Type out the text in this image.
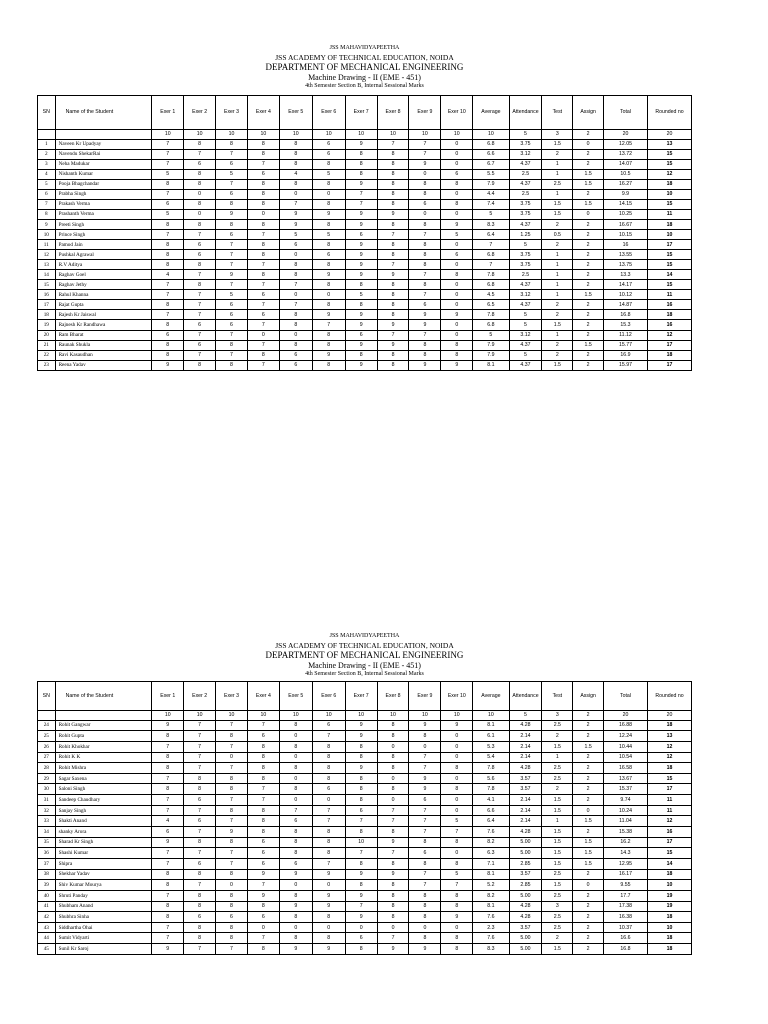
JSS MAHAVIDYAPEETHA
JSS ACADEMY OF TECHNICAL EDUCATION, NOIDA
DEPARTMENT OF MECHANICAL ENGINEERING
Machine Drawing - II (EME - 451)
4th Semester Section B, Internal Sessional Marks
SN	Name of the Student	Exer 1	Exer 2	Exer 3	Exer 4	Exer 5	Exer 6	Exer 7	Exer 8	Exer 9	Exer 10	Average	Attendance	Test	Assign	Total	Rounded no
		10	10	10	10	10	10	10	10	10	10	10	5	3	2	20	20
1	Naveen Kr Upadyay	7	8	8	8	8	6	9	7	7	0	6.8	3.75	1.5	0	12.05	13
2	Navendu ShekarRai	7	7	7	8	8	6	8	8	7	0	6.6	3.12	2	2	13.72	15
3	Neha Madukar	7	6	6	7	8	8	8	8	9	0	6.7	4.37	1	2	14.07	15
4	Nishanth Kumar	5	8	5	6	4	5	8	8	0	6	5.5	2.5	1	1.5	10.5	12
5	Pooja Bhagchandar	8	8	7	8	8	8	9	8	8	8	7.9	4.37	2.5	1.5	16.27	18
6	Prabha Singh	7	0	6	8	0	0	7	8	8	0	4.4	2.5	1	2	9.9	10
7	Prakash Verma	6	8	8	8	7	8	7	8	6	8	7.4	3.75	1.5	1.5	14.15	15
8	Prashanth Verma	5	0	9	0	9	9	9	9	0	0	5	3.75	1.5	0	10.25	11
9	Preeti Singh	8	8	8	8	9	8	9	8	8	9	8.3	4.37	2	2	16.67	18
10	Prince Singh	7	7	6	7	5	5	6	7	7	5	6.4	1.25	0.5	2	10.15	10
11	Pamod Jain	8	6	7	8	6	8	9	8	8	0	7	5	2	2	16	17
12	Pushkal Agrawal	8	6	7	8	0	6	9	8	8	6	6.8	3.75	1	2	13.55	15
13	R.V Aditya	8	8	7	7	8	8	9	7	8	0	7	3.75	1	2	13.75	15
14	Raghav Goel	4	7	9	8	8	9	9	9	7	8	7.8	2.5	1	2	13.3	14
15	Raghav Jethy	7	8	7	7	7	8	8	8	8	0	6.8	4.37	1	2	14.17	15
16	Rahul Khanna	7	7	5	6	0	0	5	8	7	0	4.5	3.12	1	1.5	10.12	11
17	Rajat Gupta	8	7	6	7	7	8	8	8	6	0	6.5	4.37	2	2	14.87	16
18	Rajesh Kr Jaiswal	7	7	6	6	8	9	9	8	9	9	7.8	5	2	2	16.8	18
19	Rajnesh Kr Randhawa	8	6	6	7	8	7	9	9	9	0	6.8	5	1.5	2	15.3	16
20	Ram Bharat	6	7	7	0	0	8	6	7	7	0	5	3.12	1	2	11.12	12
21	Raunak Shukla	8	6	8	7	8	8	9	9	8	8	7.9	4.37	2	1.5	15.77	17
22	Ravi Kasaudhan	8	7	7	8	6	9	8	8	8	8	7.9	5	2	2	16.9	18
23	Reena Yadav	9	8	8	7	6	8	9	8	9	9	8.1	4.37	1.5	2	15.97	17
JSS MAHAVIDYAPEETHA
JSS ACADEMY OF TECHNICAL EDUCATION, NOIDA
DEPARTMENT OF MECHANICAL ENGINEERING
Machine Drawing - II (EME - 451)
4th Semester Section B, Internal Sessional Marks
SN	Name of the Student	Exer 1	Exer 2	Exer 3	Exer 4	Exer 5	Exer 6	Exer 7	Exer 8	Exer 9	Exer 10	Average	Attendance	Test	Assign	Total	Rounded no
		10	10	10	10	10	10	10	10	10	10	10	5	3	2	20	20
24	Rohit Gangwar	9	7	7	7	8	6	9	8	9	9	8.1	4.28	2.5	2	16.88	18
25	Rohit Gupta	8	7	8	6	0	7	9	8	8	0	6.1	2.14	2	2	12.24	13
26	Rohit Khokhar	7	7	7	8	8	8	8	0	0	0	5.3	2.14	1.5	1.5	10.44	12
27	Rohit K K	8	7	0	8	0	8	8	8	7	0	5.4	2.14	1	2	10.54	12
28	Rohit Mishra	8	7	7	8	8	8	9	8	7	8	7.8	4.28	2.5	2	16.58	18
29	Sagar Saxena	7	8	8	8	0	8	8	0	9	0	5.6	3.57	2.5	2	13.67	15
30	Saloni Singh	8	8	8	7	8	6	8	8	9	8	7.8	3.57	2	2	15.37	17
31	Sandeep Chaudhary	7	6	7	7	0	0	8	0	6	0	4.1	2.14	1.5	2	9.74	11
32	Sanjay Singh	7	7	8	8	7	7	6	7	7	0	6.6	2.14	1.5	0	10.24	11
33	Shakti Anand	4	6	7	8	6	7	7	7	7	5	6.4	2.14	1	1.5	11.04	12
34	shanky Arora	6	7	9	8	8	8	8	8	7	7	7.6	4.28	1.5	2	15.38	16
35	Sharad Kr Singh	9	8	8	6	8	8	10	9	8	8	8.2	5.00	1.5	1.5	16.2	17
36	Shashi Kumar	7	7	7	6	8	8	7	7	6	0	6.3	5.00	1.5	1.5	14.3	15
37	Shipra	7	6	7	6	6	7	8	8	8	8	7.1	2.85	1.5	1.5	12.95	14
38	Shekhar Yadav	8	8	8	9	9	9	9	9	7	5	8.1	3.57	2.5	2	16.17	18
39	Shiv Kumar Mourya	8	7	0	7	0	0	8	8	7	7	5.2	2.85	1.5	0	9.55	10
40	Shruti Panday	7	8	8	9	8	9	9	8	8	8	8.2	5.00	2.5	2	17.7	19
41	Shubham Anand	8	8	8	8	9	9	7	8	8	8	8.1	4.28	3	2	17.38	19
42	Shubhra Sinha	8	6	6	6	8	8	9	8	8	9	7.6	4.28	2.5	2	16.38	18
43	Siddhartha Ohai	7	8	8	0	0	0	0	0	0	0	2.3	3.57	2.5	2	10.37	10
44	Sumit Vidyarti	7	8	8	7	8	8	6	7	8	8	7.6	5.00	2	2	16.6	18
45	Sunil Kr Saroj	9	7	7	8	9	9	8	9	9	8	8.3	5.00	1.5	2	16.8	18
